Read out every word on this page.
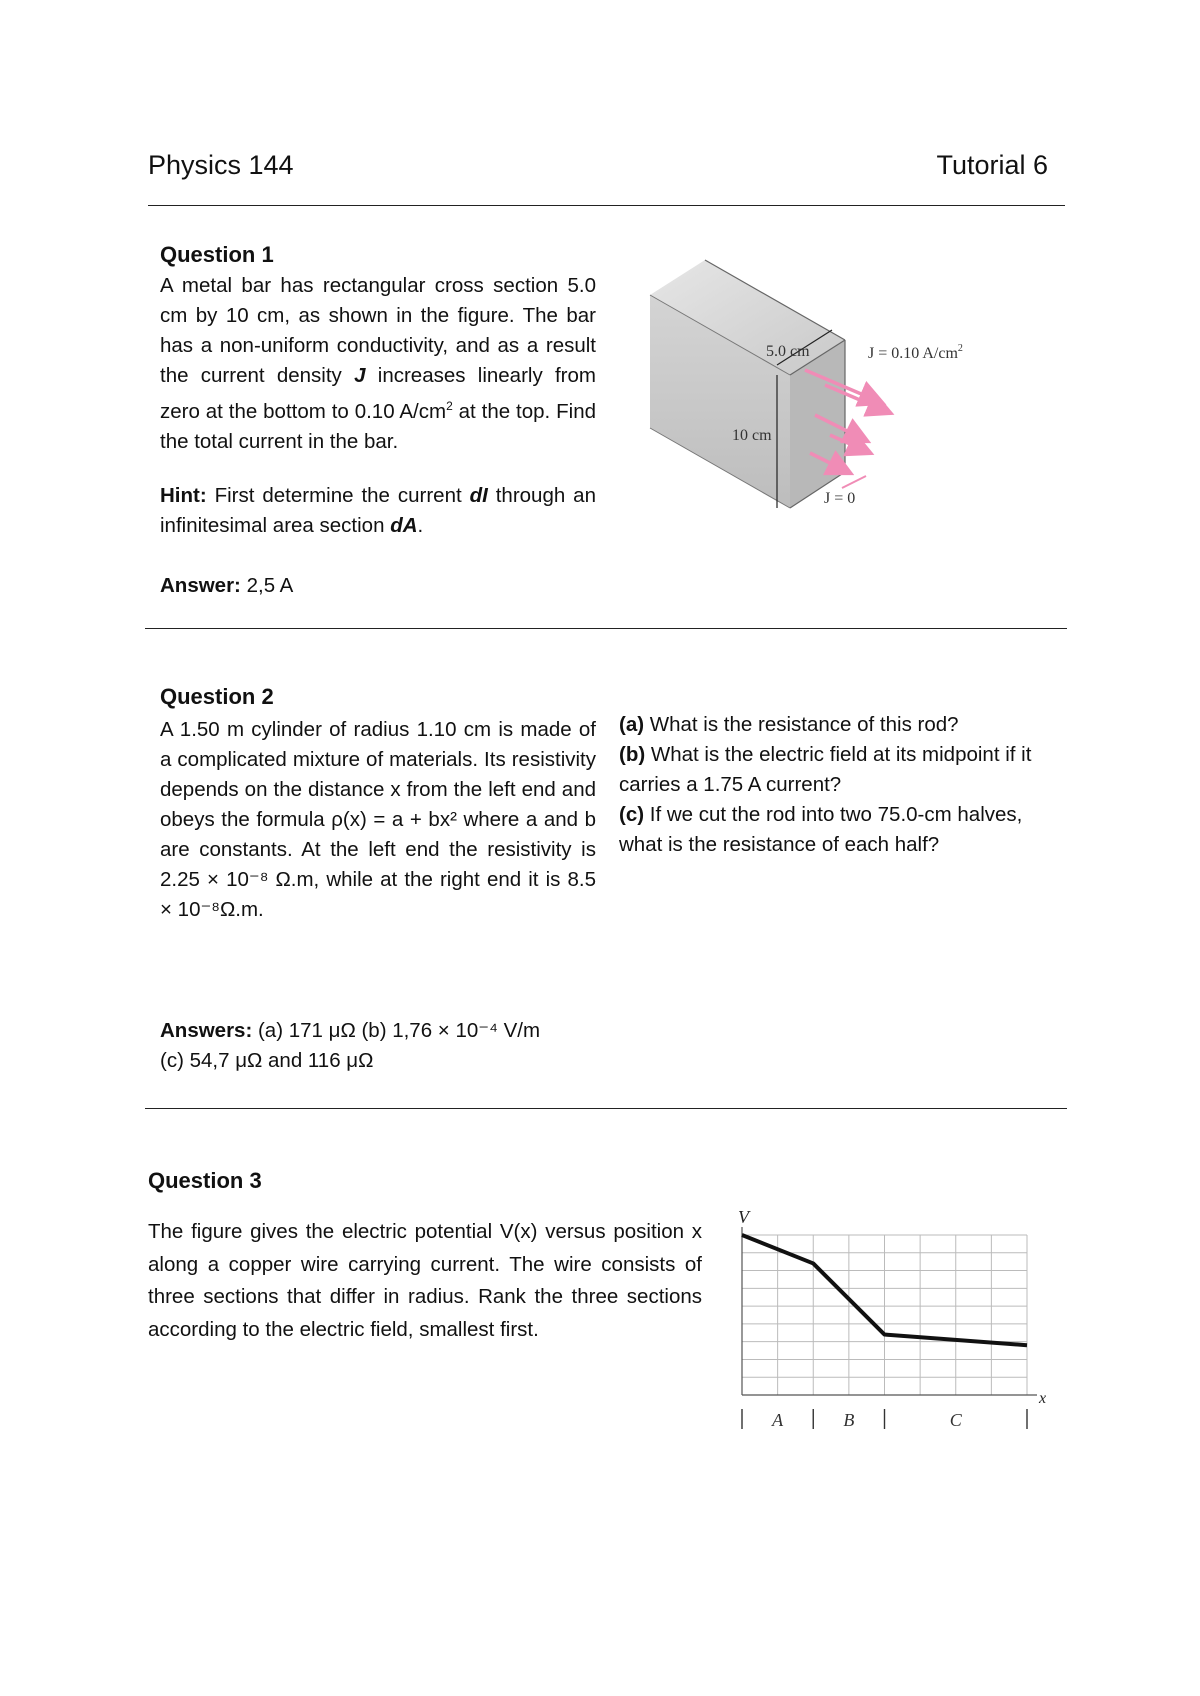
Physics 144	Tutorial 6
Question 1
A metal bar has rectangular cross section 5.0 cm by 10 cm, as shown in the figure. The bar has a non-uniform conductivity, and as a result the current density J increases linearly from zero at the bottom to 0.10 $A/cm^2$ at the top. Find the total current in the bar.
Hint: First determine the current dI through an infinitesimal area section dA.
Answer: 2,5 A
5.0 cm
10 cm
J = 0.10 $A/cm^2$
J = 0
Question 2
A 1.50 m cylinder of radius 1.10 cm is made of a complicated mixture of materials. Its resistivity depends on the distance x from the left end and obeys the formula ρ(x) = a + bx² where a and b are constants. At the left end the resistivity is 2.25 × 10⁻⁸ Ω.m, while at the right end it is 8.5 × 10⁻⁸Ω.m.
(a) What is the resistance of this rod?
(b) What is the electric field at its midpoint if it carries a 1.75 A current?
(c) If we cut the rod into two 75.0-cm halves, what is the resistance of each half?
Answers: (a) 171 μΩ (b) 1,76 × 10⁻⁴ V/m
(c) 54,7 μΩ and 116 μΩ
Question 3
The figure gives the electric potential V(x) versus position x along a copper wire carrying current. The wire consists of three sections that differ in radius. Rank the three sections according to the electric field, smallest first.
V
x
A	B	C
